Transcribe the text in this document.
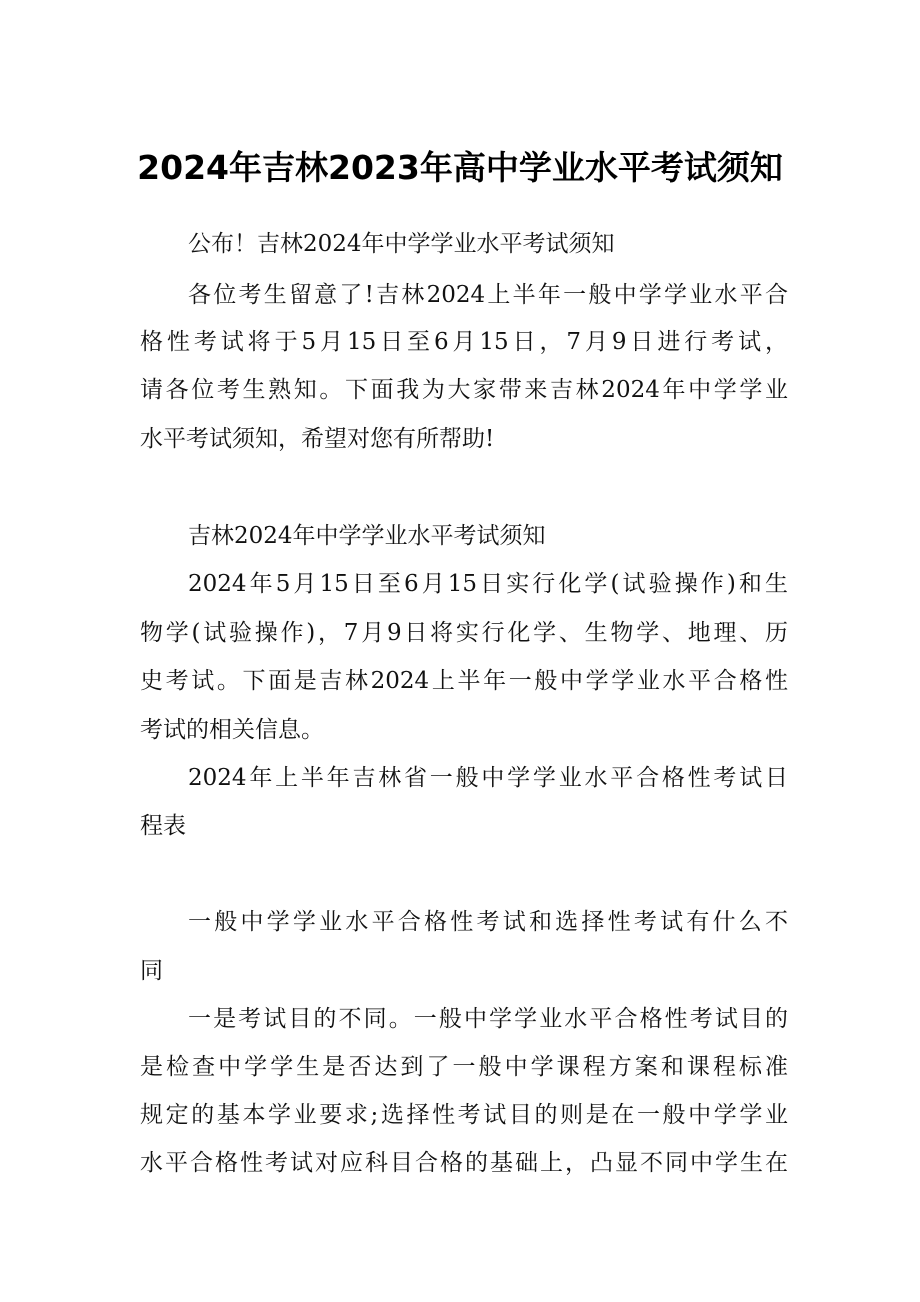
2024年吉林2023年高中学业水平考试须知

公布！吉林2024年中学学业水平考试须知

各位考生留意了!吉林2024上半年一般中学学业水平合

格性考试将于5月15日至6月15日，7月9日进行考试，

请各位考生熟知。下面我为大家带来吉林2024年中学学业

水平考试须知，希望对您有所帮助!

吉林2024年中学学业水平考试须知

2024年5月15日至6月15日实行化学(试验操作)和生

物学(试验操作)，7月9日将实行化学、生物学、地理、历

史考试。下面是吉林2024上半年一般中学学业水平合格性

考试的相关信息。

2024年上半年吉林省一般中学学业水平合格性考试日

程表

一般中学学业水平合格性考试和选择性考试有什么不

同

一是考试目的不同。一般中学学业水平合格性考试目的

是检查中学学生是否达到了一般中学课程方案和课程标准

规定的基本学业要求;选择性考试目的则是在一般中学学业

水平合格性考试对应科目合格的基础上，凸显不同中学生在
